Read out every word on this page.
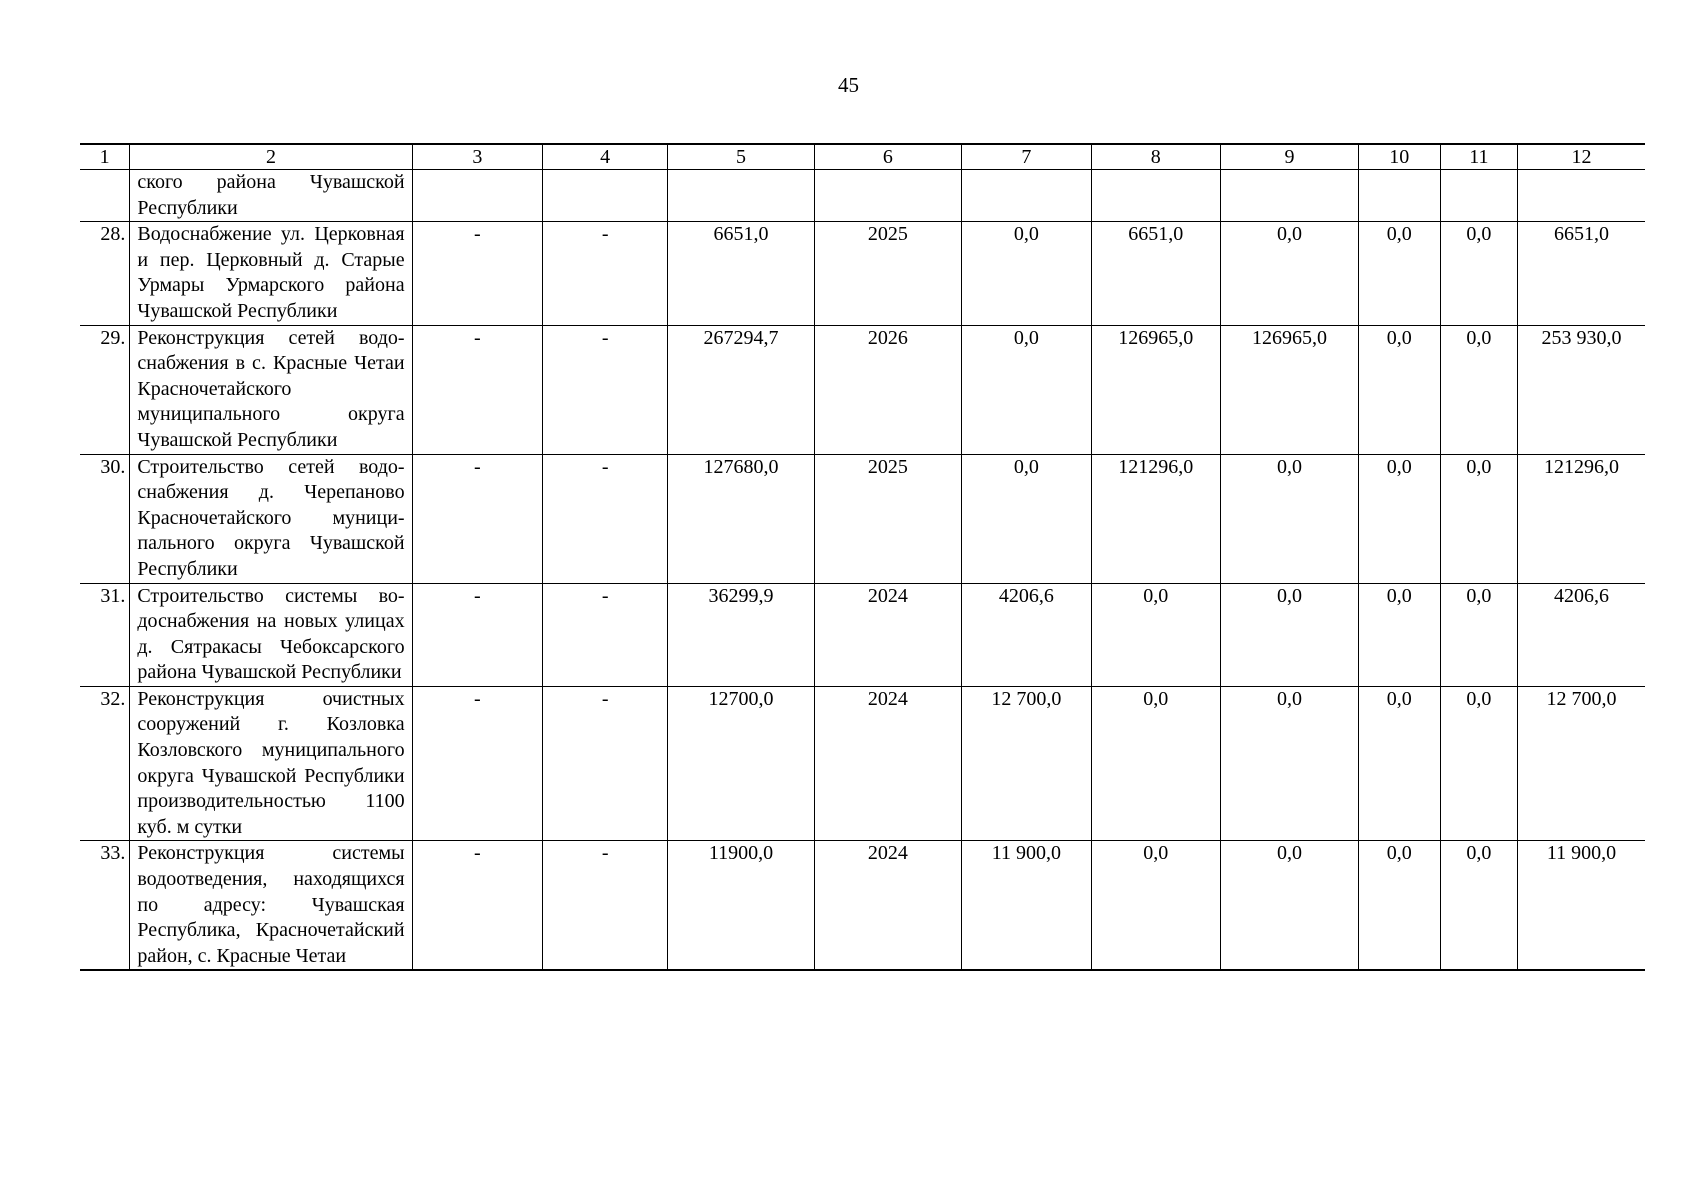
45
1	2	3	4	5	6	7	8	9	10	11	12
	ского района Чувашской Республики										
28.	Водоснабжение ул. Церковная и пер. Церковный д. Старые Урмары Урмарского района Чувашской Республики	-	-	6651,0	2025	0,0	6651,0	0,0	0,0	0,0	6651,0
29.	Реконструкция сетей водоснабжения в с. Красные Четаи Красночетайского муниципального округа Чувашской Республики	-	-	267294,7	2026	0,0	126965,0	126965,0	0,0	0,0	253 930,0
30.	Строительство сетей водоснабжения д. Черепаново Красночетайского муниципального округа Чувашской Республики	-	-	127680,0	2025	0,0	121296,0	0,0	0,0	0,0	121296,0
31.	Строительство системы водоснабжения на новых улицах д. Сятракасы Чебоксарского района Чувашской Республики	-	-	36299,9	2024	4206,6	0,0	0,0	0,0	0,0	4206,6
32.	Реконструкция очистных сооружений г. Козловка Козловского муниципального округа Чувашской Республики производительностью 1100 куб. м сутки	-	-	12700,0	2024	12 700,0	0,0	0,0	0,0	0,0	12 700,0
33.	Реконструкция системы водоотведения, находящихся по адресу: Чувашская Республика, Красночетайский район, с. Красные Четаи	-	-	11900,0	2024	11 900,0	0,0	0,0	0,0	0,0	11 900,0
